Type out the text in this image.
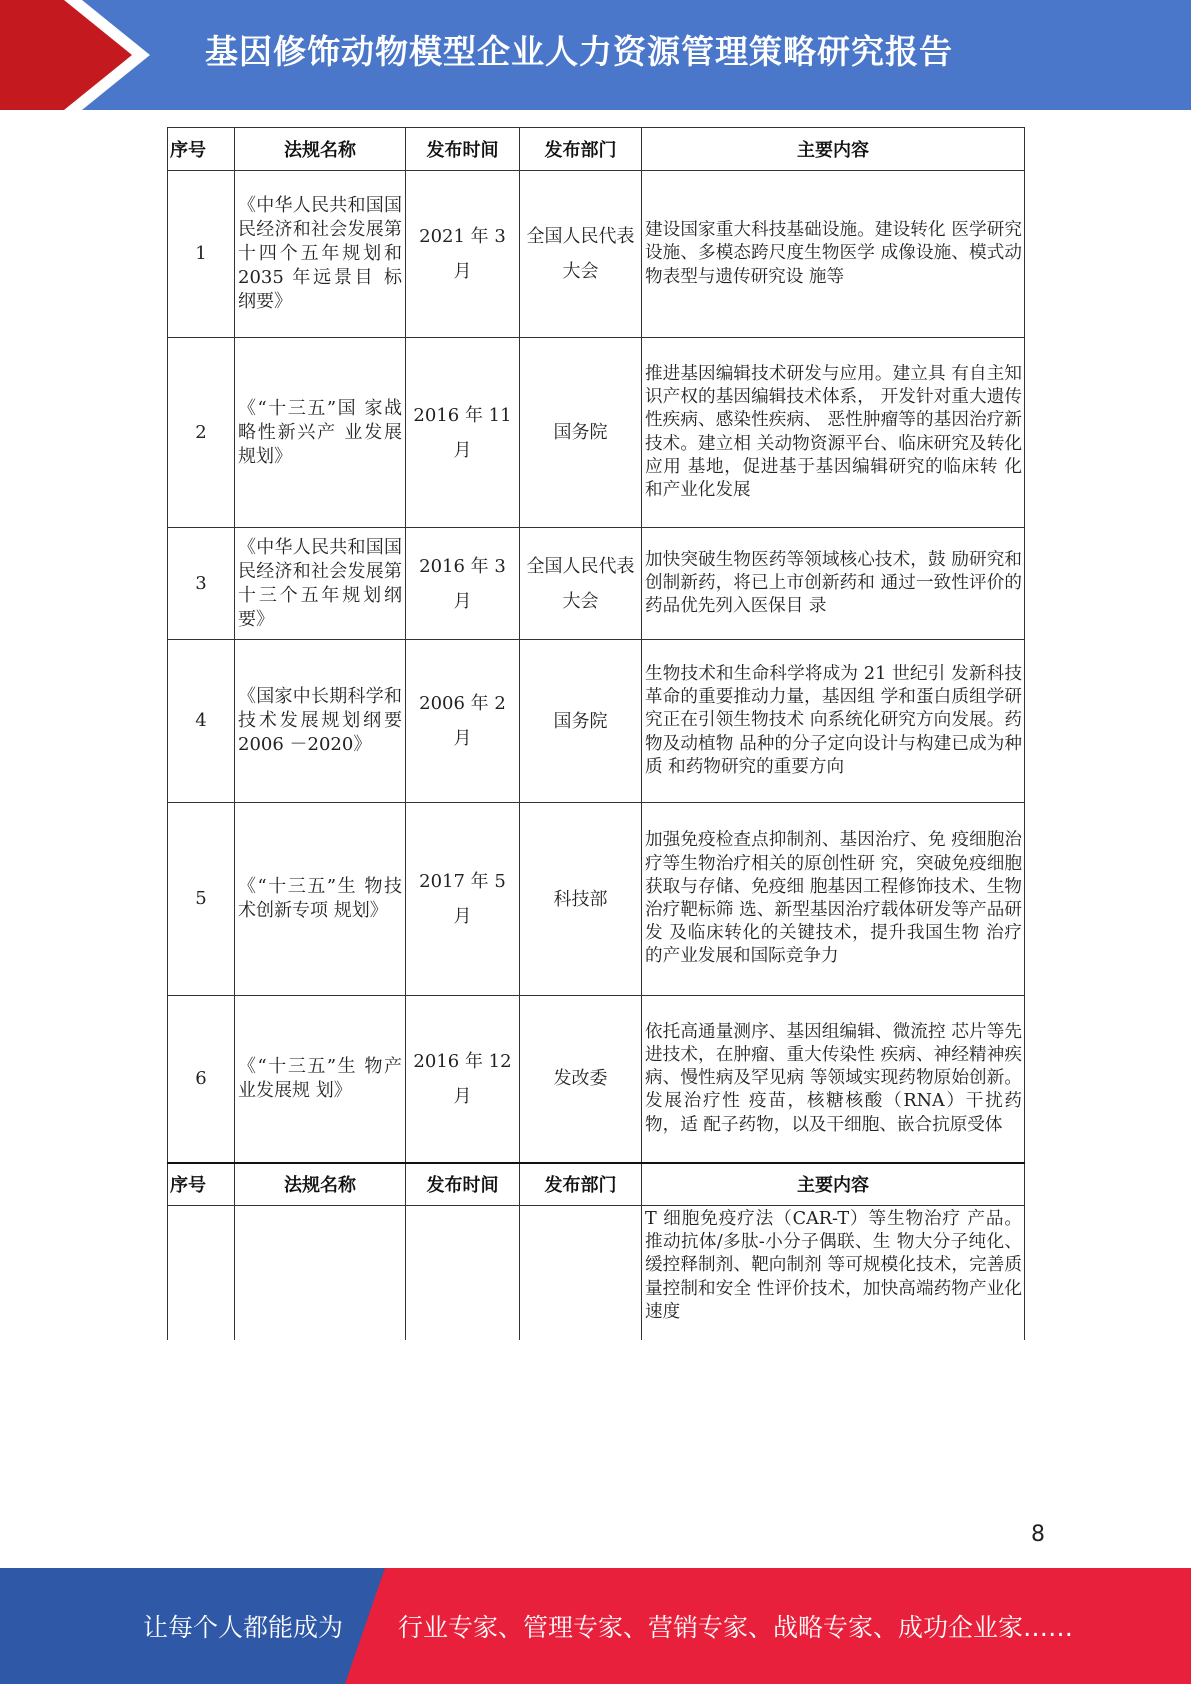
基因修饰动物模型企业人力资源管理策略研究报告
序号	法规名称	发布时间	发布部门	主要内容
1	《中华人民共和国国民经济和社会发展第十四个五年规划和 2035 年远景目 标纲要》	2021 年 3 月	全国人民代表大会	建设国家重大科技基础设施。建设转化 医学研究设施、多模态跨尺度生物医学 成像设施、模式动物表型与遗传研究设 施等
2	《“十三五”国 家战略性新兴产 业发展规划》	2016 年 11 月	国务院	推进基因编辑技术研发与应用。建立具 有自主知识产权的基因编辑技术体系， 开发针对重大遗传性疾病、感染性疾病、 恶性肿瘤等的基因治疗新技术。建立相 关动物资源平台、临床研究及转化应用 基地，促进基于基因编辑研究的临床转 化和产业化发展
3	《中华人民共和国国民经济和社会发展第十三个五年规划纲要》	2016 年 3 月	全国人民代表大会	加快突破生物医药等领域核心技术，鼓 励研究和创制新药，将已上市创新药和 通过一致性评价的药品优先列入医保目 录
4	《国家中长期科学和技术发展规划纲要 2006 －2020》	2006 年 2 月	国务院	生物技术和生命科学将成为 21 世纪引 发新科技革命的重要推动力量，基因组 学和蛋白质组学研究正在引领生物技术 向系统化研究方向发展。药物及动植物 品种的分子定向设计与构建已成为种质 和药物研究的重要方向
5	《“十三五”生 物技术创新专项 规划》	2017 年 5 月	科技部	加强免疫检查点抑制剂、基因治疗、免 疫细胞治疗等生物治疗相关的原创性研 究，突破免疫细胞获取与存储、免疫细 胞基因工程修饰技术、生物治疗靶标筛 选、新型基因治疗载体研发等产品研发 及临床转化的关键技术，提升我国生物 治疗的产业发展和国际竞争力
6	《“十三五”生 物产业发展规 划》	2016 年 12 月	发改委	依托高通量测序、基因组编辑、微流控 芯片等先进技术，在肿瘤、重大传染性 疾病、神经精神疾病、慢性病及罕见病 等领域实现药物原始创新。发展治疗性 疫苗，核糖核酸（RNA）干扰药物，适 配子药物，以及干细胞、嵌合抗原受体
序号	法规名称	发布时间	发布部门	主要内容
				T 细胞免疫疗法（CAR-T）等生物治疗 产品。推动抗体/多肽-小分子偶联、生 物大分子纯化、缓控释制剂、靶向制剂 等可规模化技术，完善质量控制和安全 性评价技术，加快高端药物产业化速度
8
让每个人都能成为 行业专家、管理专家、营销专家、战略专家、成功企业家……
